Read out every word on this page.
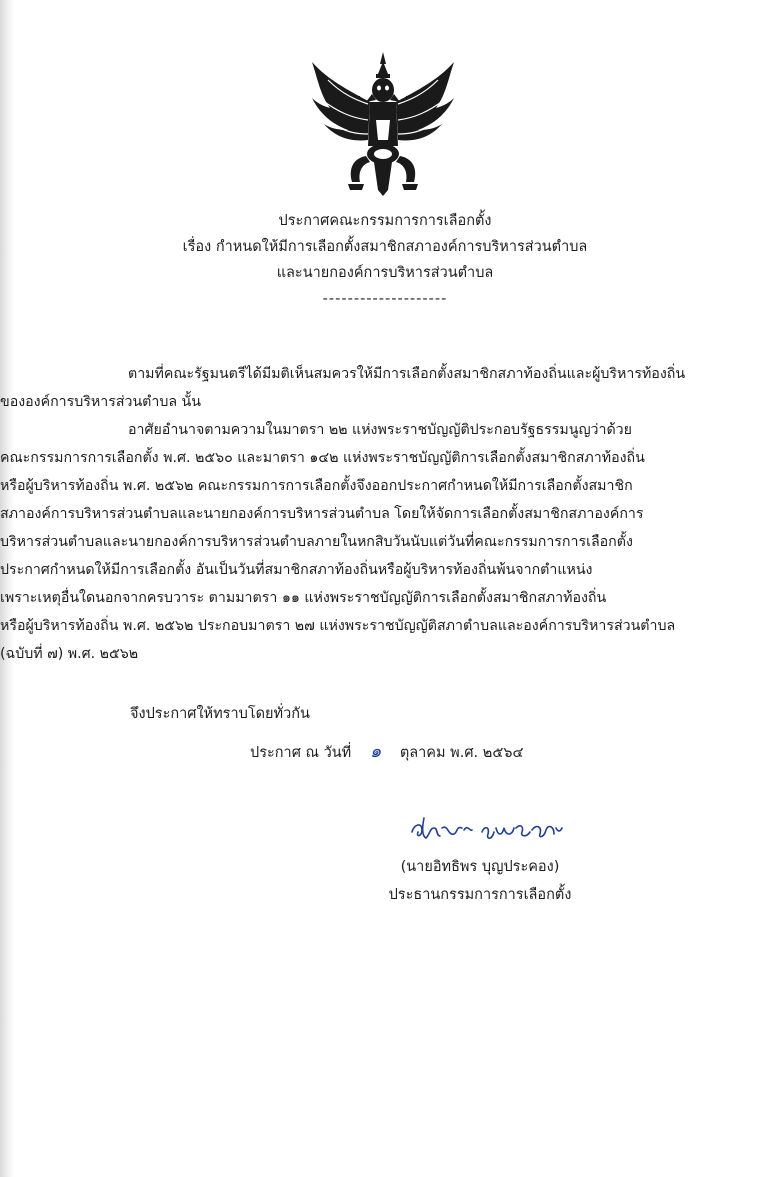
ประกาศคณะกรรมการการเลือกตั้ง
เรื่อง กำหนดให้มีการเลือกตั้งสมาชิกสภาองค์การบริหารส่วนตำบล
และนายกองค์การบริหารส่วนตำบล
--------------------
ตามที่คณะรัฐมนตรีได้มีมติเห็นสมควรให้มีการเลือกตั้งสมาชิกสภาท้องถิ่นและผู้บริหารท้องถิ่น
ขององค์การบริหารส่วนตำบล นั้น
อาศัยอำนาจตามความในมาตรา ๒๒ แห่งพระราชบัญญัติประกอบรัฐธรรมนูญว่าด้วย
คณะกรรมการการเลือกตั้ง พ.ศ. ๒๕๖๐ และมาตรา ๑๔๒ แห่งพระราชบัญญัติการเลือกตั้งสมาชิกสภาท้องถิ่น
หรือผู้บริหารท้องถิ่น พ.ศ. ๒๕๖๒ คณะกรรมการการเลือกตั้งจึงออกประกาศกำหนดให้มีการเลือกตั้งสมาชิก
สภาองค์การบริหารส่วนตำบลและนายกองค์การบริหารส่วนตำบล โดยให้จัดการเลือกตั้งสมาชิกสภาองค์การ
บริหารส่วนตำบลและนายกองค์การบริหารส่วนตำบลภายในหกสิบวันนับแต่วันที่คณะกรรมการการเลือกตั้ง
ประกาศกำหนดให้มีการเลือกตั้ง อันเป็นวันที่สมาชิกสภาท้องถิ่นหรือผู้บริหารท้องถิ่นพ้นจากตำแหน่ง
เพราะเหตุอื่นใดนอกจากครบวาระ ตามมาตรา ๑๑ แห่งพระราชบัญญัติการเลือกตั้งสมาชิกสภาท้องถิ่น
หรือผู้บริหารท้องถิ่น พ.ศ. ๒๕๖๒ ประกอบมาตรา ๒๗ แห่งพระราชบัญญัติสภาตำบลและองค์การบริหารส่วนตำบล
(ฉบับที่ ๗) พ.ศ. ๒๕๖๒
จึงประกาศให้ทราบโดยทั่วกัน
ประกาศ ณ วันที่ ๑ ตุลาคม พ.ศ. ๒๕๖๔
(นายอิทธิพร บุญประคอง)
ประธานกรรมการการเลือกตั้ง
